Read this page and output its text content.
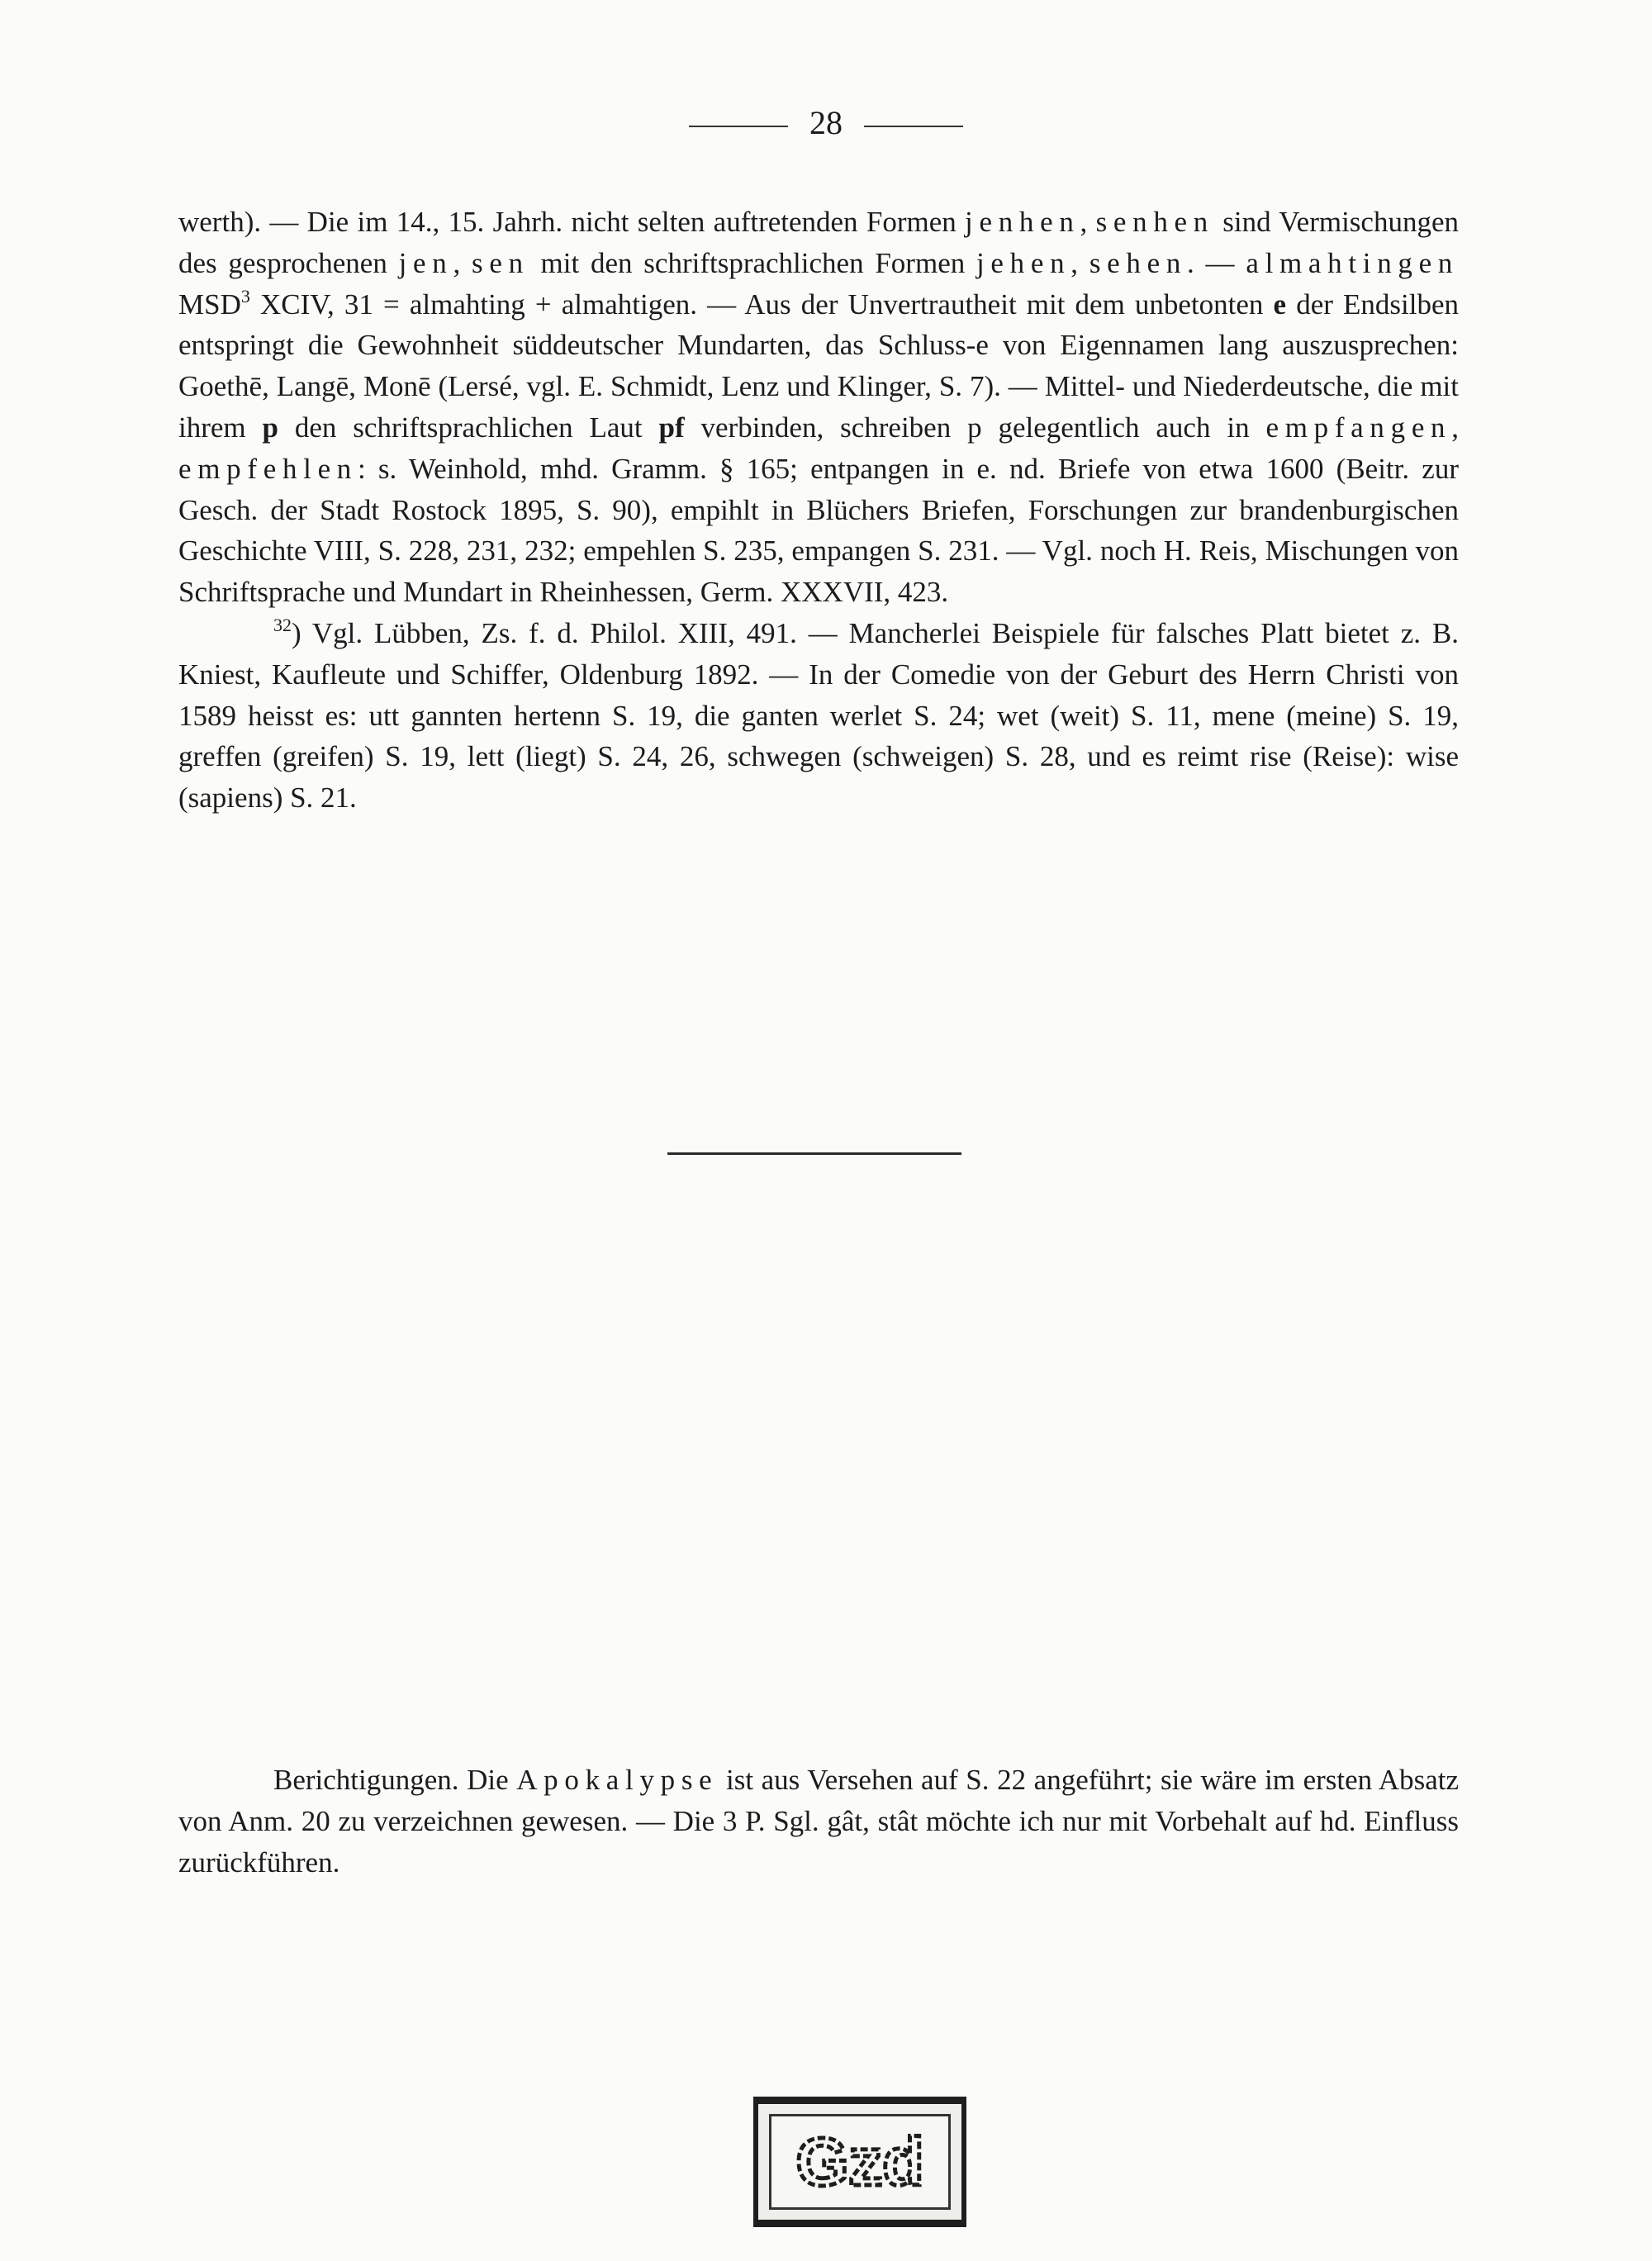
28

werth). — Die im 14., 15. Jahrh. nicht selten auftretenden Formen jenhen, senhen sind Vermischungen des gesprochenen jen, sen mit den schriftsprachlichen Formen jehen, sehen. — almahtingen MSD$^3$ XCIV, 31 = almahting + almahtigen. — Aus der Unvertrautheit mit dem unbetonten e der Endsilben entspringt die Gewohnheit süddeutscher Mundarten, das Schluss-e von Eigennamen lang auszusprechen: Goethē, Langē, Monē (Lersé, vgl. E. Schmidt, Lenz und Klinger, S. 7). — Mittel- und Niederdeutsche, die mit ihrem p den schriftsprachlichen Laut pf verbinden, schreiben p gelegentlich auch in empfangen, empfehlen: s. Weinhold, mhd. Gramm. § 165; entpangen in e. nd. Briefe von etwa 1600 (Beitr. zur Gesch. der Stadt Rostock 1895, S. 90), empihlt in Blüchers Briefen, Forschungen zur brandenburgischen Geschichte VIII, S. 228, 231, 232; empehlen S. 235, empangen S. 231. — Vgl. noch H. Reis, Mischungen von Schriftsprache und Mundart in Rheinhessen, Germ. XXXVII, 423.

$^{32}$) Vgl. Lübben, Zs. f. d. Philol. XIII, 491. — Mancherlei Beispiele für falsches Platt bietet z. B. Kniest, Kaufleute und Schiffer, Oldenburg 1892. — In der Comedie von der Geburt des Herrn Christi von 1589 heisst es: utt gannten hertenn S. 19, die ganten werlet S. 24; wet (weit) S. 11, mene (meine) S. 19, greffen (greifen) S. 19, lett (liegt) S. 24, 26, schwegen (schweigen) S. 28, und es reimt rise (Reise): wise (sapiens) S. 21.

Berichtigungen. Die Apokalypse ist aus Versehen auf S. 22 angeführt; sie wäre im ersten Absatz von Anm. 20 zu verzeichnen gewesen. — Die 3 P. Sgl. gât, stât möchte ich nur mit Vorbehalt auf hd. Einfluss zurückführen.

Gzd
